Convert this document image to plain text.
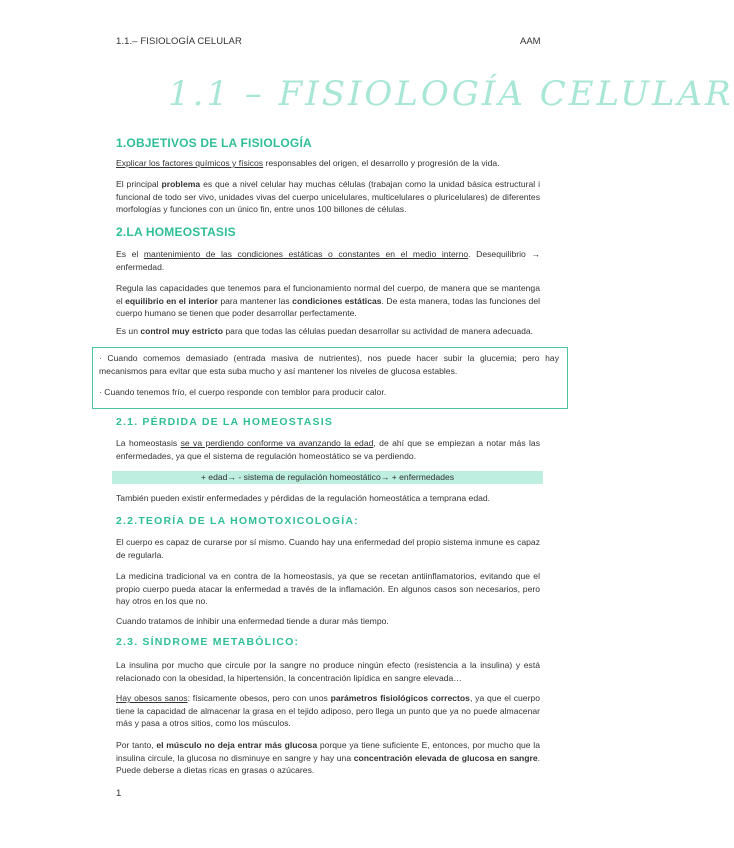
1.1.– FISIOLOGÍA CELULAR	AAM
1.1 – FISIOLOGÍA CELULAR
1.OBJETIVOS DE LA FISIOLOGÍA

Explicar los factores químicos y físicos responsables del origen, el desarrollo y progresión de la vida.

El principal problema es que a nivel celular hay muchas células (trabajan como la unidad básica estructural i funcional de todo ser vivo, unidades vivas del cuerpo unicelulares, multicelulares o pluricelulares) de diferentes morfologías y funciones con un único fin, entre unos 100 billones de células.

2.LA HOMEOSTASIS

Es el mantenimiento de las condiciones estáticas o constantes en el medio interno. Desequilibrio → enfermedad.

Regula las capacidades que tenemos para el funcionamiento normal del cuerpo, de manera que se mantenga el equilibrio en el interior para mantener las condiciones estáticas. De esta manera, todas las funciones del cuerpo humano se tienen que poder desarrollar perfectamente.

Es un control muy estricto para que todas las células puedan desarrollar su actividad de manera adecuada.

· Cuando comemos demasiado (entrada masiva de nutrientes), nos puede hacer subir la glucemia; pero hay mecanismos para evitar que esta suba mucho y así mantener los niveles de glucosa estables.

· Cuando tenemos frío, el cuerpo responde con temblor para producir calor.

2.1. PÉRDIDA DE LA HOMEOSTASIS

La homeostasis se va perdiendo conforme va avanzando la edad, de ahí que se empiezan a notar más las enfermedades, ya que el sistema de regulación homeostático se va perdiendo.

+ edad→ - sistema de regulación homeostático→ + enfermedades

También pueden existir enfermedades y pérdidas de la regulación homeostática a temprana edad.

2.2.TEORÍA DE LA HOMOTOXICOLOGÍA:

El cuerpo es capaz de curarse por sí mismo. Cuando hay una enfermedad del propio sistema inmune es capaz de regularla.

La medicina tradicional va en contra de la homeostasis, ya que se recetan antiinflamatorios, evitando que el propio cuerpo pueda atacar la enfermedad a través de la inflamación. En algunos casos son necesarios, pero hay otros en los que no.

Cuando tratamos de inhibir una enfermedad tiende a durar más tiempo.

2.3. SÍNDROME METABÓLICO:

La insulina por mucho que circule por la sangre no produce ningún efecto (resistencia a la insulina) y está relacionado con la obesidad, la hipertensión, la concentración lipídica en sangre elevada…

Hay obesos sanos: físicamente obesos, pero con unos parámetros fisiológicos correctos, ya que el cuerpo tiene la capacidad de almacenar la grasa en el tejido adiposo, pero llega un punto que ya no puede almacenar más y pasa a otros sitios, como los músculos.

Por tanto, el músculo no deja entrar más glucosa porque ya tiene suficiente E, entonces, por mucho que la insulina circule, la glucosa no disminuye en sangre y hay una concentración elevada de glucosa en sangre. Puede deberse a dietas ricas en grasas o azúcares.

1
